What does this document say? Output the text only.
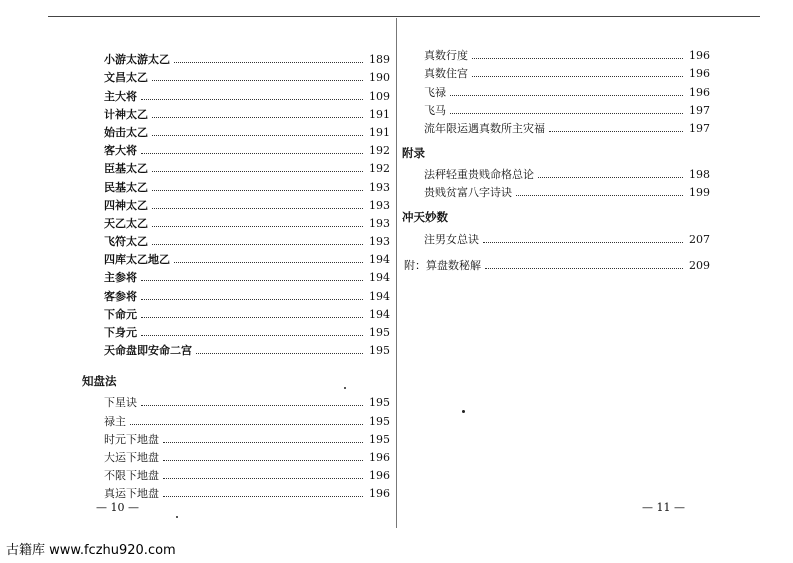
小游太游太乙	189
文昌太乙	190
主大将	109
计神太乙	191
始击太乙	191
客大将	192
臣基太乙	192
民基太乙	193
四神太乙	193
天乙太乙	193
飞符太乙	193
四库太乙地乙	194
主参将	194
客参将	194
下命元	194
下身元	195
天命盘即安命二宫	195
知盘法
下星诀	195
禄主	195
时元下地盘	195
大运下地盘	196
不限下地盘	196
真运下地盘	196
真数行度	196
真数住宫	196
飞禄	196
飞马	197
流年限运遇真数所主灾福	197
附录
法秤轻重贵贱命格总论	198
贵贱贫富八字诗诀	199
冲天妙数
注男女总诀	207
附：算盘数秘解	209
— 10 —	— 11 —
古籍库 www.fczhu920.com
